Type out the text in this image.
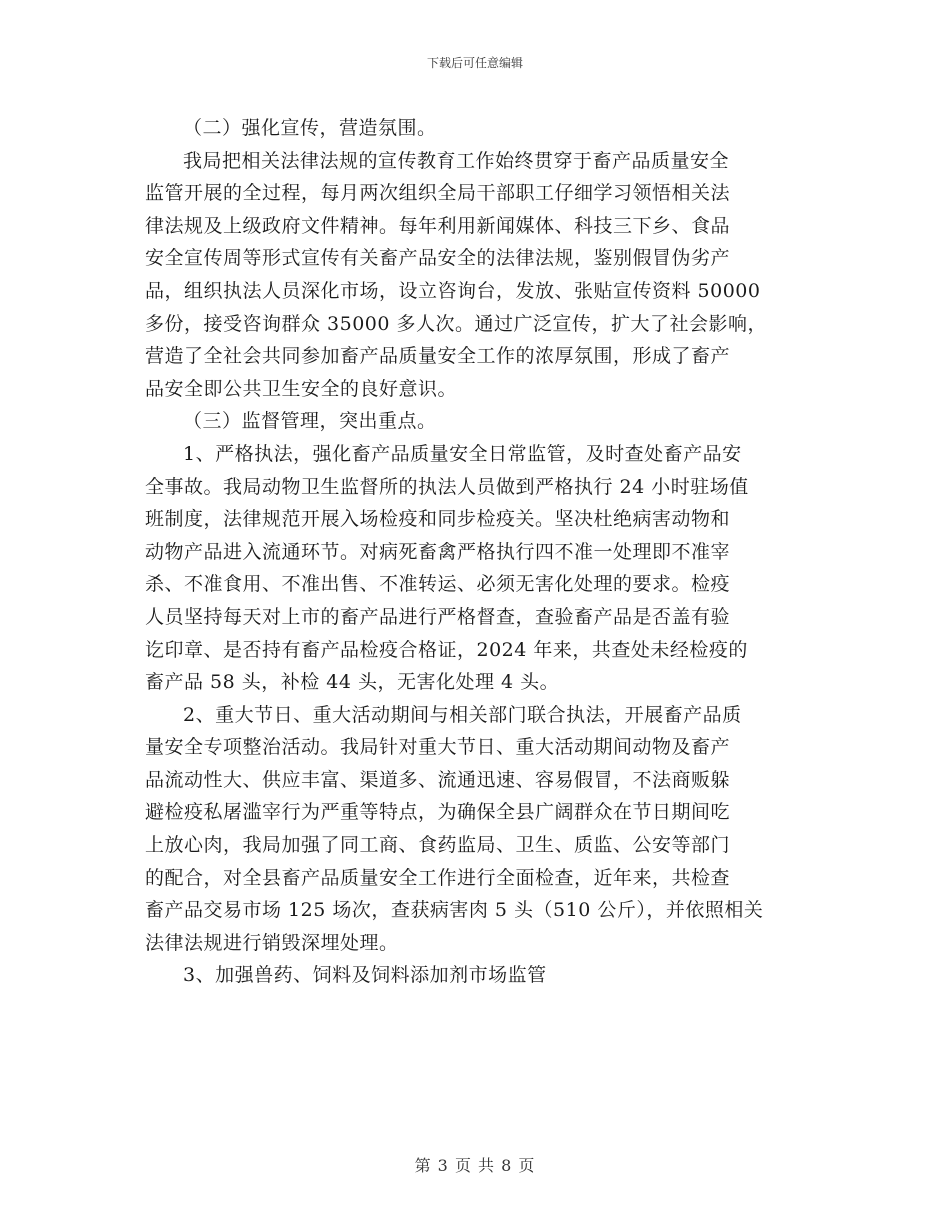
下载后可任意编辑
（二）强化宣传，营造氛围。
我局把相关法律法规的宣传教育工作始终贯穿于畜产品质量安全
监管开展的全过程，每月两次组织全局干部职工仔细学习领悟相关法
律法规及上级政府文件精神。每年利用新闻媒体、科技三下乡、食品
安全宣传周等形式宣传有关畜产品安全的法律法规，鉴别假冒伪劣产
品，组织执法人员深化市场，设立咨询台，发放、张贴宣传资料 50000
多份，接受咨询群众 35000 多人次。通过广泛宣传，扩大了社会影响，
营造了全社会共同参加畜产品质量安全工作的浓厚氛围，形成了畜产
品安全即公共卫生安全的良好意识。
（三）监督管理，突出重点。
1、严格执法，强化畜产品质量安全日常监管，及时查处畜产品安
全事故。我局动物卫生监督所的执法人员做到严格执行 24 小时驻场值
班制度，法律规范开展入场检疫和同步检疫关。坚决杜绝病害动物和
动物产品进入流通环节。对病死畜禽严格执行四不准一处理即不准宰
杀、不准食用、不准出售、不准转运、必须无害化处理的要求。检疫
人员坚持每天对上市的畜产品进行严格督查，查验畜产品是否盖有验
讫印章、是否持有畜产品检疫合格证，2024 年来，共查处未经检疫的
畜产品 58 头，补检 44 头，无害化处理 4 头。
2、重大节日、重大活动期间与相关部门联合执法，开展畜产品质
量安全专项整治活动。我局针对重大节日、重大活动期间动物及畜产
品流动性大、供应丰富、渠道多、流通迅速、容易假冒，不法商贩躲
避检疫私屠滥宰行为严重等特点，为确保全县广阔群众在节日期间吃
上放心肉，我局加强了同工商、食药监局、卫生、质监、公安等部门
的配合，对全县畜产品质量安全工作进行全面检查，近年来，共检查
畜产品交易市场 125 场次，查获病害肉 5 头（510 公斤），并依照相关
法律法规进行销毁深埋处理。
3、加强兽药、饲料及饲料添加剂市场监管
第 3 页 共 8 页
